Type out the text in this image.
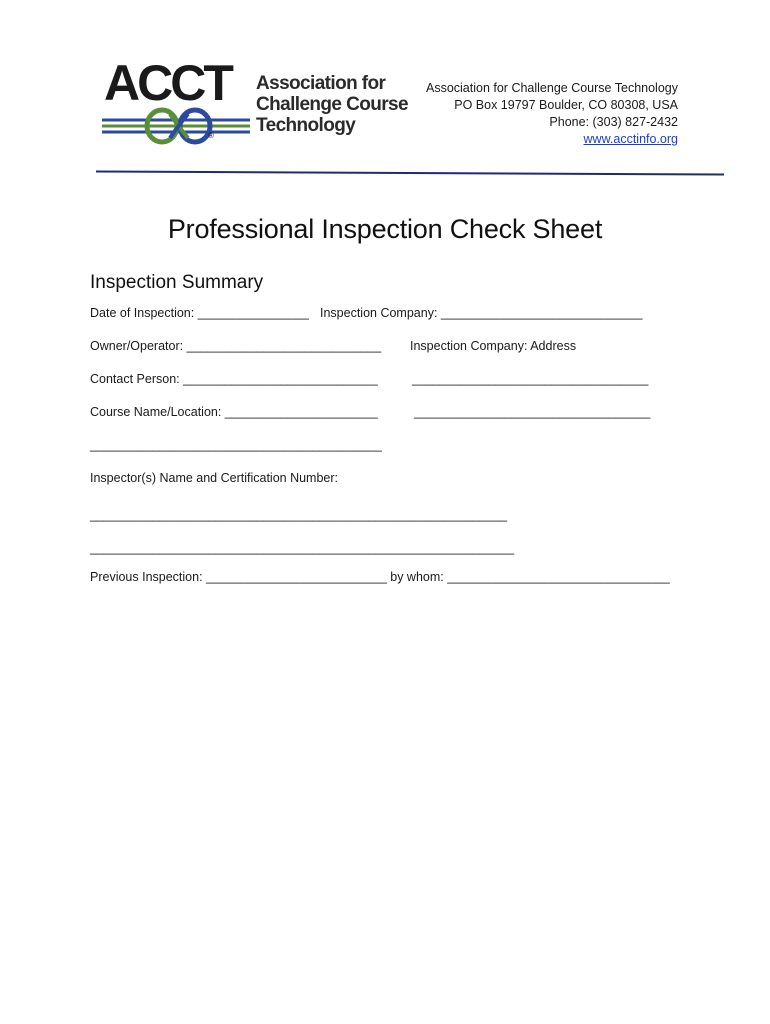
ACCT
®
Association for
Challenge Course
Technology
Association for Challenge Course Technology
PO Box 19797 Boulder, CO 80308, USA
Phone: (303) 827-2432
www.acctinfo.org
Professional Inspection Check Sheet
Inspection Summary
Date of Inspection: ________________ Inspection Company: _____________________________
Owner/Operator: ____________________________ Inspection Company: Address
Contact Person: ____________________________	__________________________________
Course Name/Location: ______________________	__________________________________
__________________________________________
Inspector(s) Name and Certification Number:
____________________________________________________________
_____________________________________________________________
Previous Inspection: __________________________ by whom: ________________________________
